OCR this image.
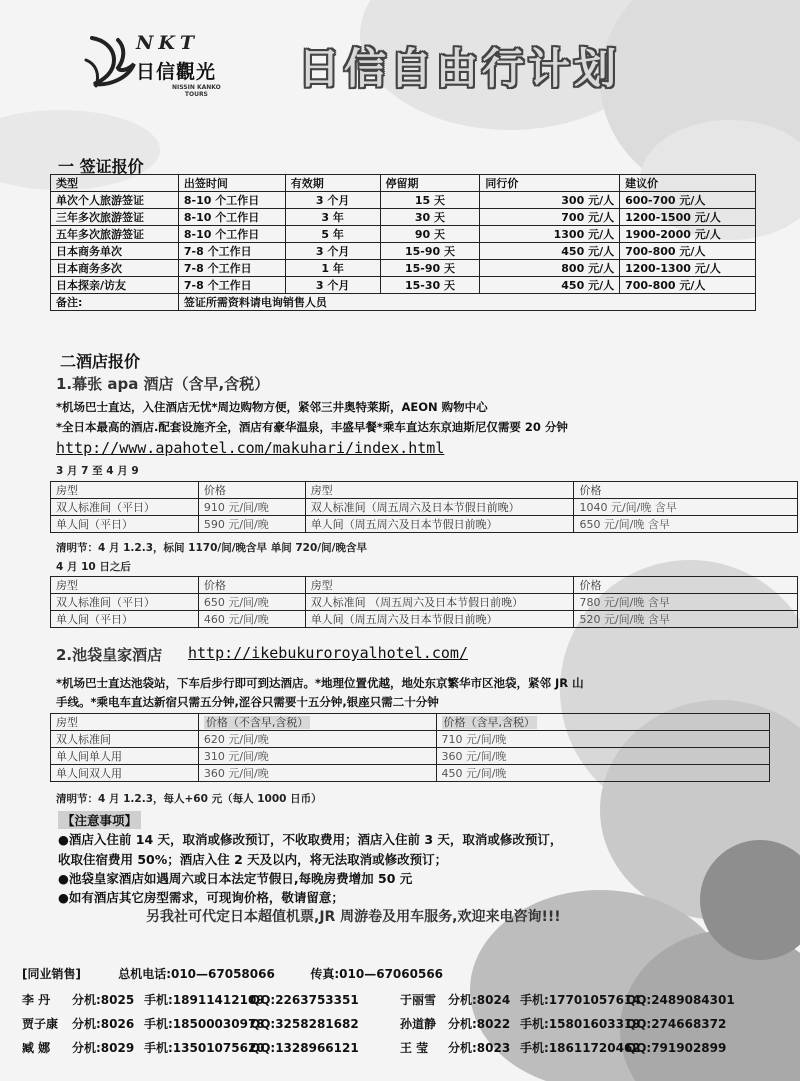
NKT
日信觀光
NISSIN KANKO
TOURS
日信自由行计划
一 签证报价
类型	出签时间	有效期	停留期	同行价	建议价
单次个人旅游签证	8-10 个工作日	3 个月	15 天	300 元/人	600-700 元/人
三年多次旅游签证	8-10 个工作日	3 年	30 天	700 元/人	1200-1500 元/人
五年多次旅游签证	8-10 个工作日	5 年	90 天	1300 元/人	1900-2000 元/人
日本商务单次	7-8 个工作日	3 个月	15-90 天	450 元/人	700-800 元/人
日本商务多次	7-8 个工作日	1 年	15-90 天	800 元/人	1200-1300 元/人
日本探亲/访友	7-8 个工作日	3 个月	15-30 天	450 元/人	700-800 元/人
备注:	签证所需资料请电询销售人员				
二酒店报价
1.幕张 apa 酒店（含早,含税）
*机场巴士直达，入住酒店无忧*周边购物方便，紧邻三井奥特莱斯，AEON 购物中心
*全日本最高的酒店.配套设施齐全，酒店有豪华温泉，丰盛早餐*乘车直达东京迪斯尼仅需要 20 分钟
http://www.apahotel.com/makuhari/index.html
3 月 7 至 4 月 9
房型	价格	房型	价格
双人标准间（平日）	910 元/间/晚	双人标准间（周五周六及日本节假日前晚）	1040 元/间/晚 含早
单人间（平日）	590 元/间/晚	单人间（周五周六及日本节假日前晚）	650 元/间/晚 含早
清明节：4 月 1.2.3，标间 1170/间/晚含早 单间 720/间/晚含早
4 月 10 日之后
房型	价格	房型	价格
双人标准间（平日）	650 元/间/晚	双人标准间 （周五周六及日本节假日前晚）	780 元/间/晚 含早
单人间（平日）	460 元/间/晚	单人间（周五周六及日本节假日前晚）	520 元/间/晚 含早
2.池袋皇家酒店 http://ikebukuroroyalhotel.com/
*机场巴士直达池袋站，下车后步行即可到达酒店。*地理位置优越，地处东京繁华市区池袋，紧邻 JR 山
手线。*乘电车直达新宿只需五分钟,涩谷只需要十五分钟,银座只需二十分钟
房型	价格（不含早,含税）	价格（含早,含税）
双人标准间	620 元/间/晚	710 元/间/晚
单人间单人用	310 元/间/晚	360 元/间/晚
单人间双人用	360 元/间/晚	450 元/间/晚
清明节：4 月 1.2.3，每人+60 元（每人 1000 日币）
【注意事项】
●酒店入住前 14 天，取消或修改预订，不收取费用；酒店入住前 3 天，取消或修改预订，
收取住宿费用 50%；酒店入住 2 天及以内，将无法取消或修改预订；
●池袋皇家酒店如遇周六或日本法定节假日,每晚房费增加 50 元
●如有酒店其它房型需求，可现询价格，敬请留意；
另我社可代定日本超值机票,JR 周游卷及用车服务,欢迎来电咨询!!!
[同业销售]	总机电话:010—67058066	传真:010—67060566
李 丹 分机:8025 手机:18911412109QQ:2263753351	于丽雪 分机:8024 手机:17701057614QQ:2489084301
贾子康 分机:8026 手机:18500030978QQ:3258281682	孙道静 分机:8022 手机:15801603319QQ:274668372
臧 娜 分机:8029 手机:13501075620QQ:1328966121	王 莹 分机:8023 手机:18611720462QQ:791902899
